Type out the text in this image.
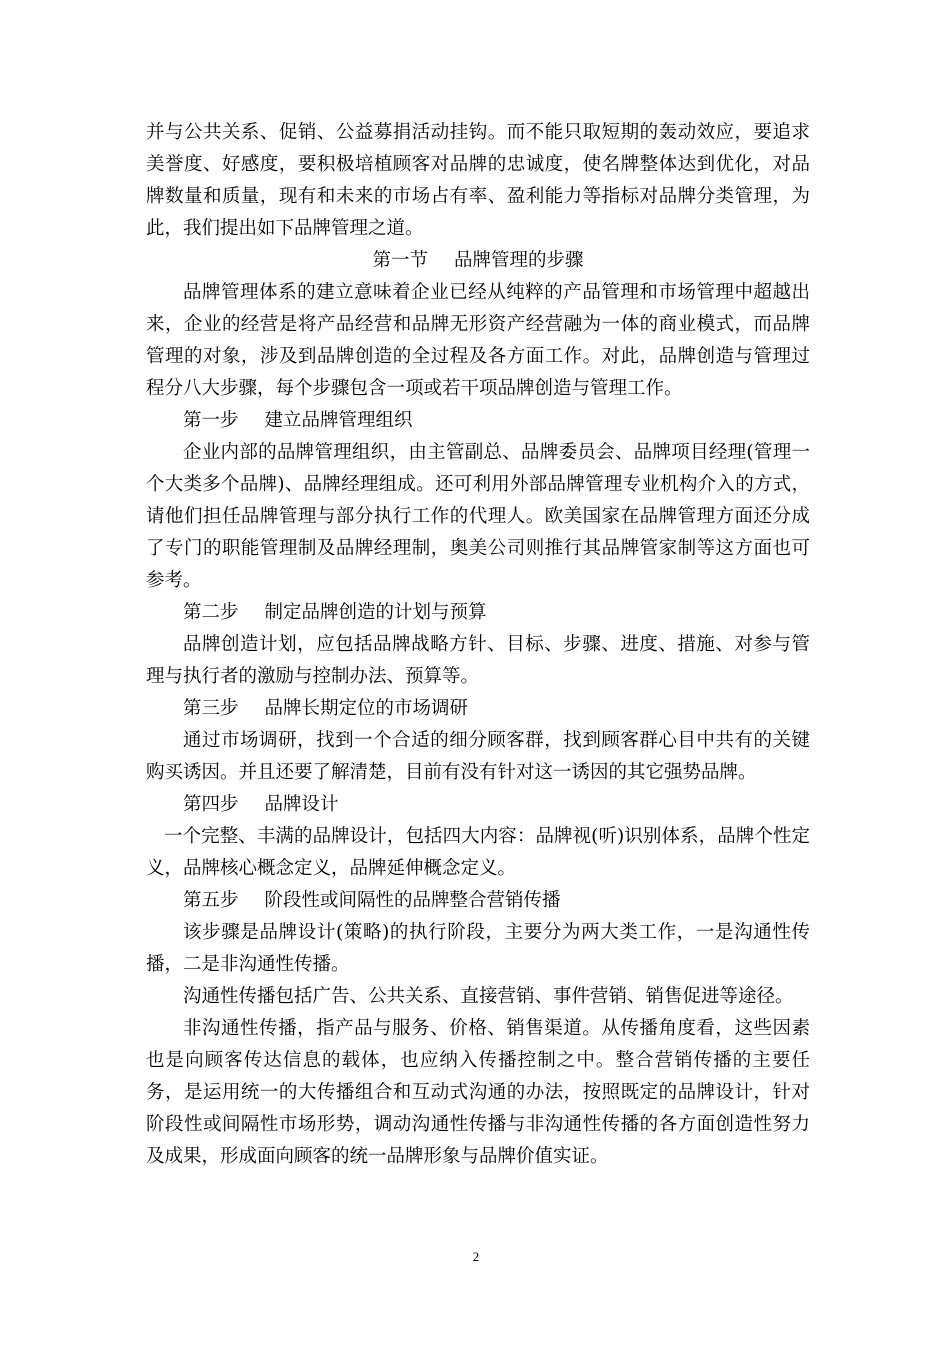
并与公共关系、促销、公益募捐活动挂钩。而不能只取短期的轰动效应，要追求美誉度、好感度，要积极培植顾客对品牌的忠诚度，使名牌整体达到优化，对品牌数量和质量，现有和未来的市场占有率、盈利能力等指标对品牌分类管理，为此，我们提出如下品牌管理之道。

第一节 品牌管理的步骤

品牌管理体系的建立意味着企业已经从纯粹的产品管理和市场管理中超越出来，企业的经营是将产品经营和品牌无形资产经营融为一体的商业模式，而品牌管理的对象，涉及到品牌创造的全过程及各方面工作。对此，品牌创造与管理过程分八大步骤，每个步骤包含一项或若干项品牌创造与管理工作。

第一步 建立品牌管理组织

企业内部的品牌管理组织，由主管副总、品牌委员会、品牌项目经理(管理一个大类多个品牌)、品牌经理组成。还可利用外部品牌管理专业机构介入的方式，请他们担任品牌管理与部分执行工作的代理人。欧美国家在品牌管理方面还分成了专门的职能管理制及品牌经理制，奥美公司则推行其品牌管家制等这方面也可参考。

第二步 制定品牌创造的计划与预算

品牌创造计划，应包括品牌战略方针、目标、步骤、进度、措施、对参与管理与执行者的激励与控制办法、预算等。

第三步 品牌长期定位的市场调研

通过市场调研，找到一个合适的细分顾客群，找到顾客群心目中共有的关键购买诱因。并且还要了解清楚，目前有没有针对这一诱因的其它强势品牌。

第四步 品牌设计

一个完整、丰满的品牌设计，包括四大内容：品牌视(听)识别体系，品牌个性定义，品牌核心概念定义，品牌延伸概念定义。

第五步 阶段性或间隔性的品牌整合营销传播

该步骤是品牌设计(策略)的执行阶段，主要分为两大类工作，一是沟通性传播，二是非沟通性传播。

沟通性传播包括广告、公共关系、直接营销、事件营销、销售促进等途径。

非沟通性传播，指产品与服务、价格、销售渠道。从传播角度看，这些因素也是向顾客传达信息的载体，也应纳入传播控制之中。整合营销传播的主要任务，是运用统一的大传播组合和互动式沟通的办法，按照既定的品牌设计，针对阶段性或间隔性市场形势，调动沟通性传播与非沟通性传播的各方面创造性努力及成果，形成面向顾客的统一品牌形象与品牌价值实证。

2
